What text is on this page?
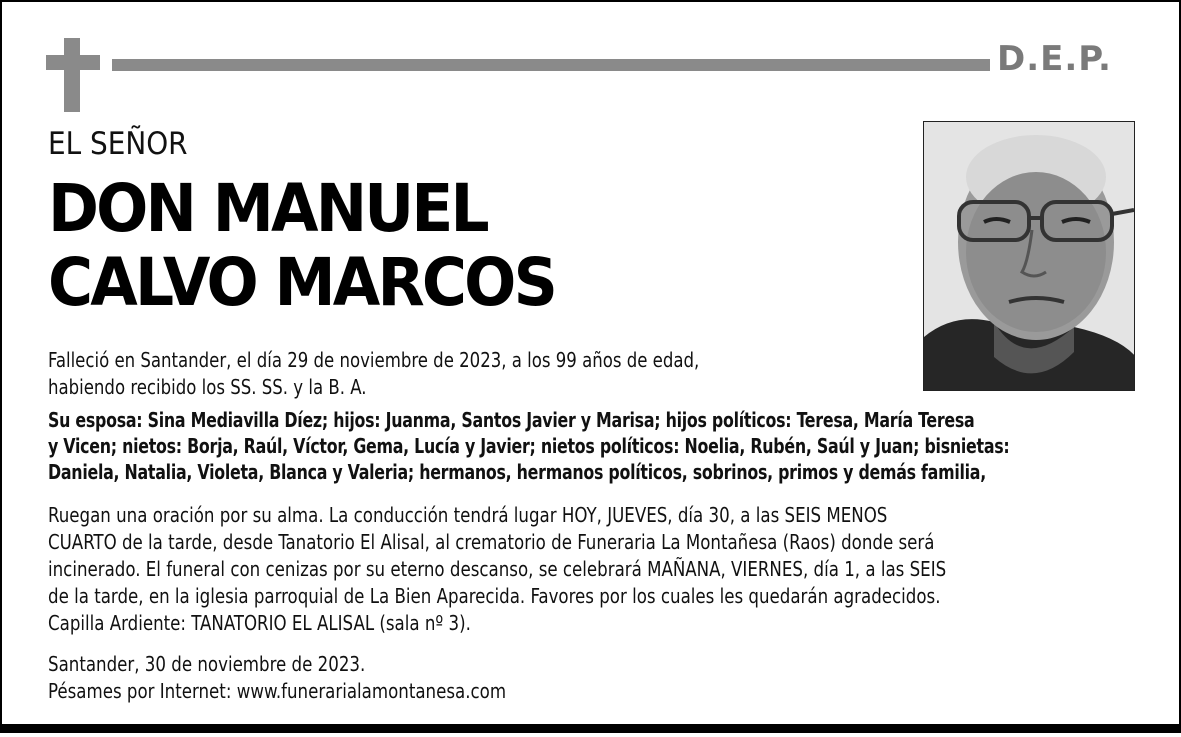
D.E.P.
EL SEÑOR
DON MANUEL
CALVO MARCOS
Falleció en Santander, el día 29 de noviembre de 2023, a los 99 años de edad,
habiendo recibido los SS. SS. y la B. A.
Su esposa: Sina Mediavilla Díez; hijos: Juanma, Santos Javier y Marisa; hijos políticos: Teresa, María Teresa
y Vicen; nietos: Borja, Raúl, Víctor, Gema, Lucía y Javier; nietos políticos: Noelia, Rubén, Saúl y Juan; bisnietas:
Daniela, Natalia, Violeta, Blanca y Valeria; hermanos, hermanos políticos, sobrinos, primos y demás familia,
Ruegan una oración por su alma. La conducción tendrá lugar HOY, JUEVES, día 30, a las SEIS MENOS
CUARTO de la tarde, desde Tanatorio El Alisal, al crematorio de Funeraria La Montañesa (Raos) donde será
incinerado. El funeral con cenizas por su eterno descanso, se celebrará MAÑANA, VIERNES, día 1, a las SEIS
de la tarde, en la iglesia parroquial de La Bien Aparecida. Favores por los cuales les quedarán agradecidos.
Capilla Ardiente: TANATORIO EL ALISAL (sala nº 3).
Santander, 30 de noviembre de 2023.
Pésames por Internet: www.funerarialamontanesa.com
